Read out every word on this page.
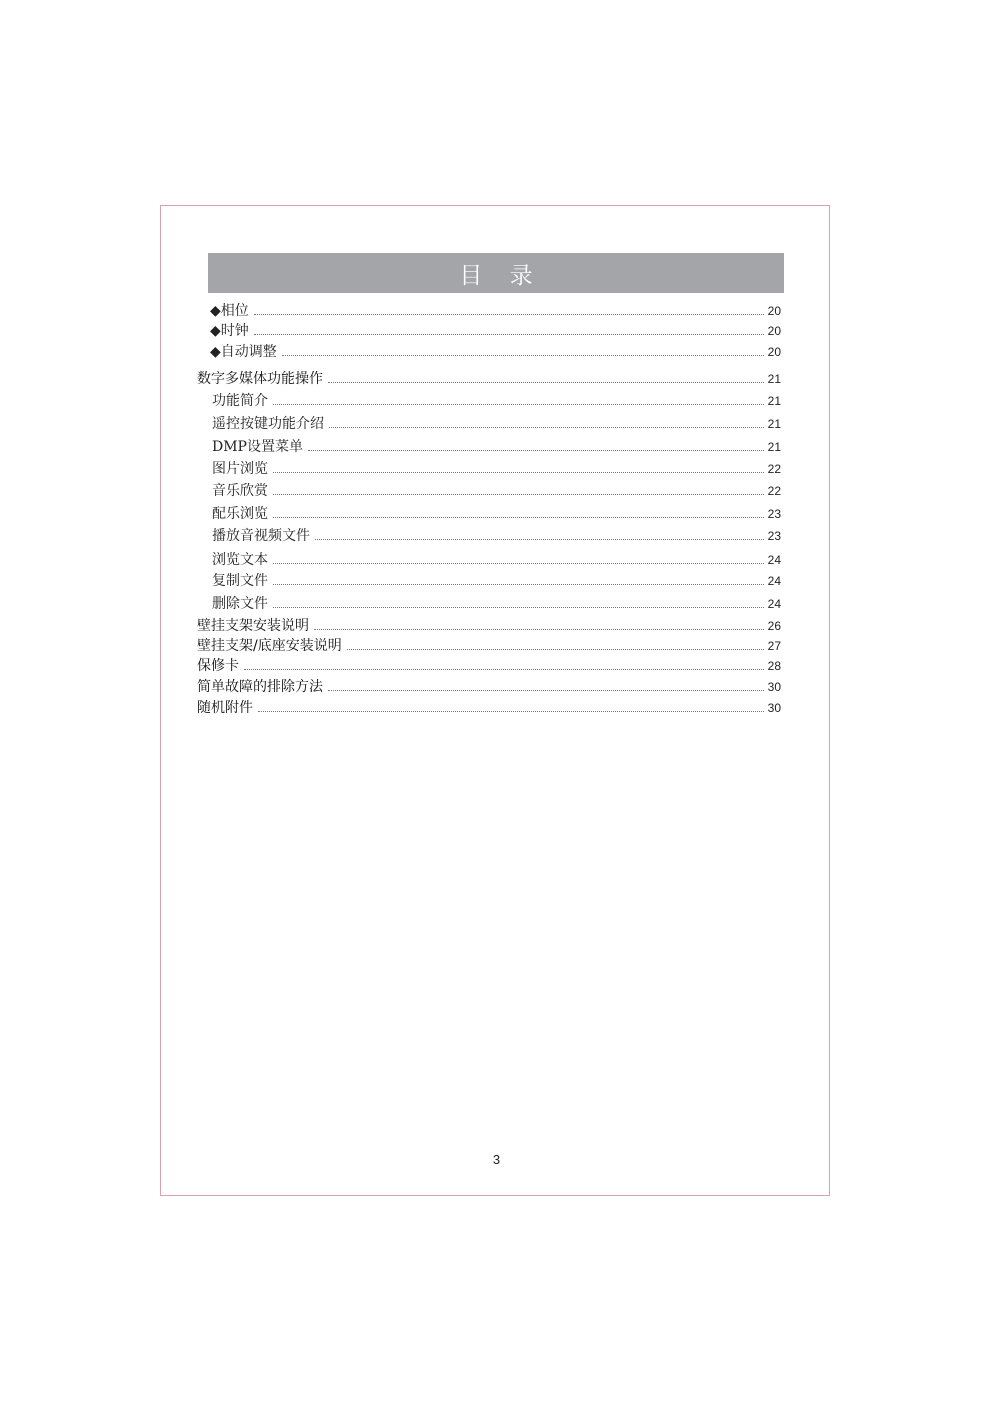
目 录
◆相位	20
◆时钟	20
◆自动调整	20
数字多媒体功能操作	21
功能简介	21
遥控按键功能介绍	21
DMP设置菜单	21
图片浏览	22
音乐欣赏	22
配乐浏览	23
播放音视频文件	23
浏览文本	24
复制文件	24
删除文件	24
壁挂支架安装说明	26
壁挂支架/底座安装说明	27
保修卡	28
简单故障的排除方法	30
随机附件	30
3
